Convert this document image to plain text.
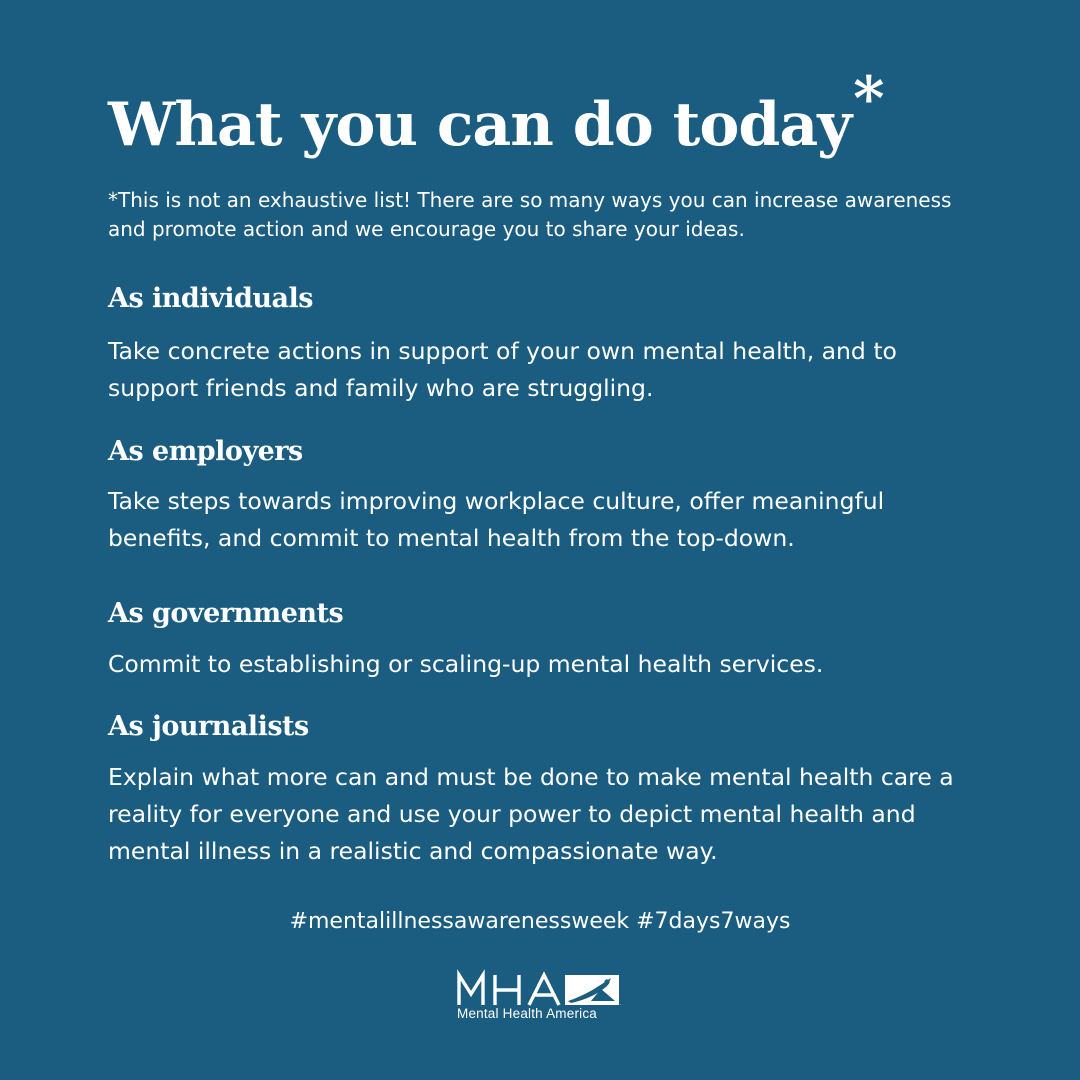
What you can do today*

*This is not an exhaustive list! There are so many ways you can increase awareness and promote action and we encourage you to share your ideas.

As individuals

Take concrete actions in support of your own mental health, and to support friends and family who are struggling.

As employers

Take steps towards improving workplace culture, offer meaningful benefits, and commit to mental health from the top-down.

As governments

Commit to establishing or scaling-up mental health services.

As journalists

Explain what more can and must be done to make mental health care a reality for everyone and use your power to depict mental health and mental illness in a realistic and compassionate way.

#mentalillnessawarenessweek #7days7ways

.
Mental Health America
